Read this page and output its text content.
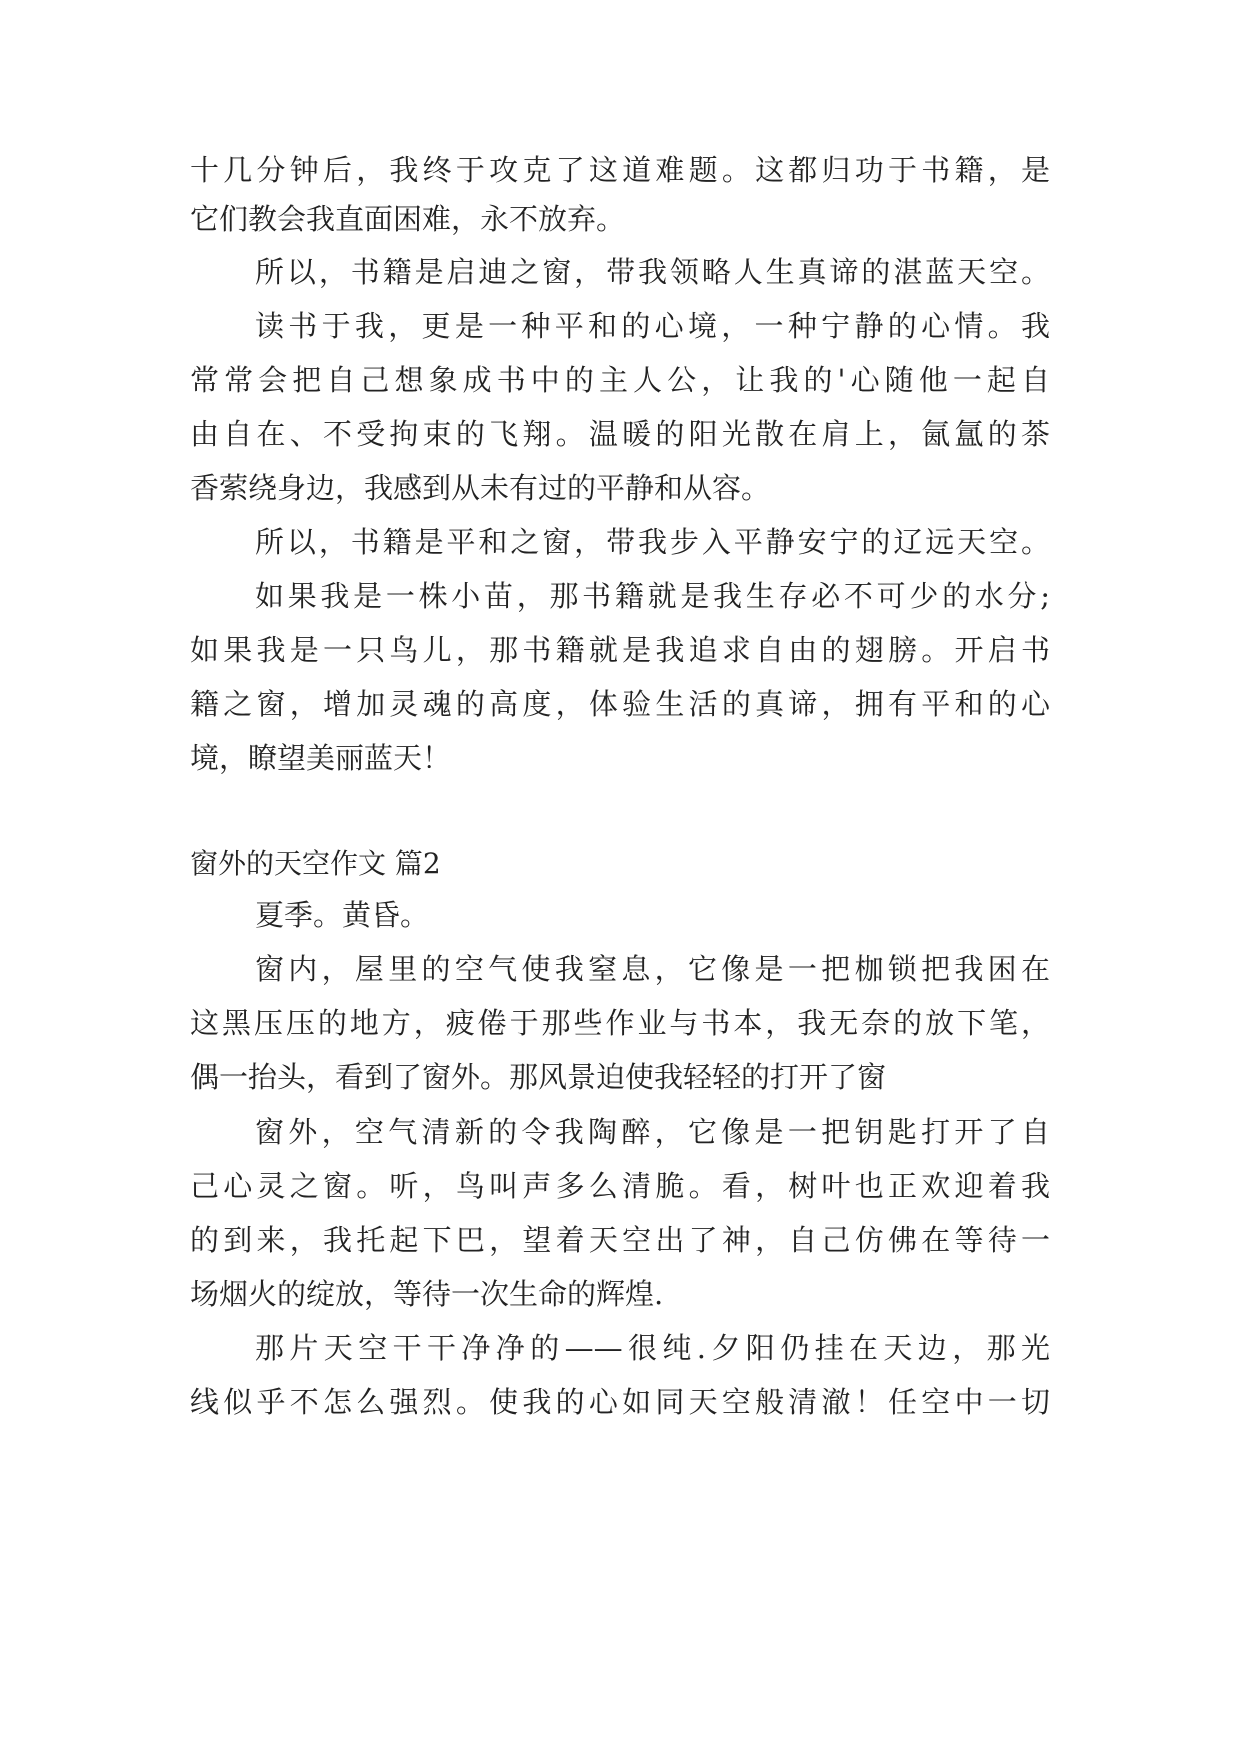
十几分钟后，我终于攻克了这道难题。这都归功于书籍，是
它们教会我直面困难，永不放弃。
所以，书籍是启迪之窗，带我领略人生真谛的湛蓝天空。
读书于我，更是一种平和的心境，一种宁静的心情。我
常常会把自己想象成书中的主人公，让我的'心随他一起自
由自在、不受拘束的飞翔。温暖的阳光散在肩上，氤氲的茶
香萦绕身边，我感到从未有过的平静和从容。
所以，书籍是平和之窗，带我步入平静安宁的辽远天空。
如果我是一株小苗，那书籍就是我生存必不可少的水分;
如果我是一只鸟儿，那书籍就是我追求自由的翅膀。开启书
籍之窗，增加灵魂的高度，体验生活的真谛，拥有平和的心
境，瞭望美丽蓝天！
窗外的天空作文 篇2
夏季。黄昏。
窗内，屋里的空气使我窒息，它像是一把枷锁把我困在
这黑压压的地方，疲倦于那些作业与书本，我无奈的放下笔，
偶一抬头，看到了窗外。那风景迫使我轻轻的打开了窗
窗外，空气清新的令我陶醉，它像是一把钥匙打开了自
己心灵之窗。听，鸟叫声多么清脆。看，树叶也正欢迎着我
的到来，我托起下巴，望着天空出了神，自己仿佛在等待一
场烟火的绽放，等待一次生命的辉煌.
那片天空干干净净的——很纯.夕阳仍挂在天边，那光
线似乎不怎么强烈。使我的心如同天空般清澈！任空中一切
